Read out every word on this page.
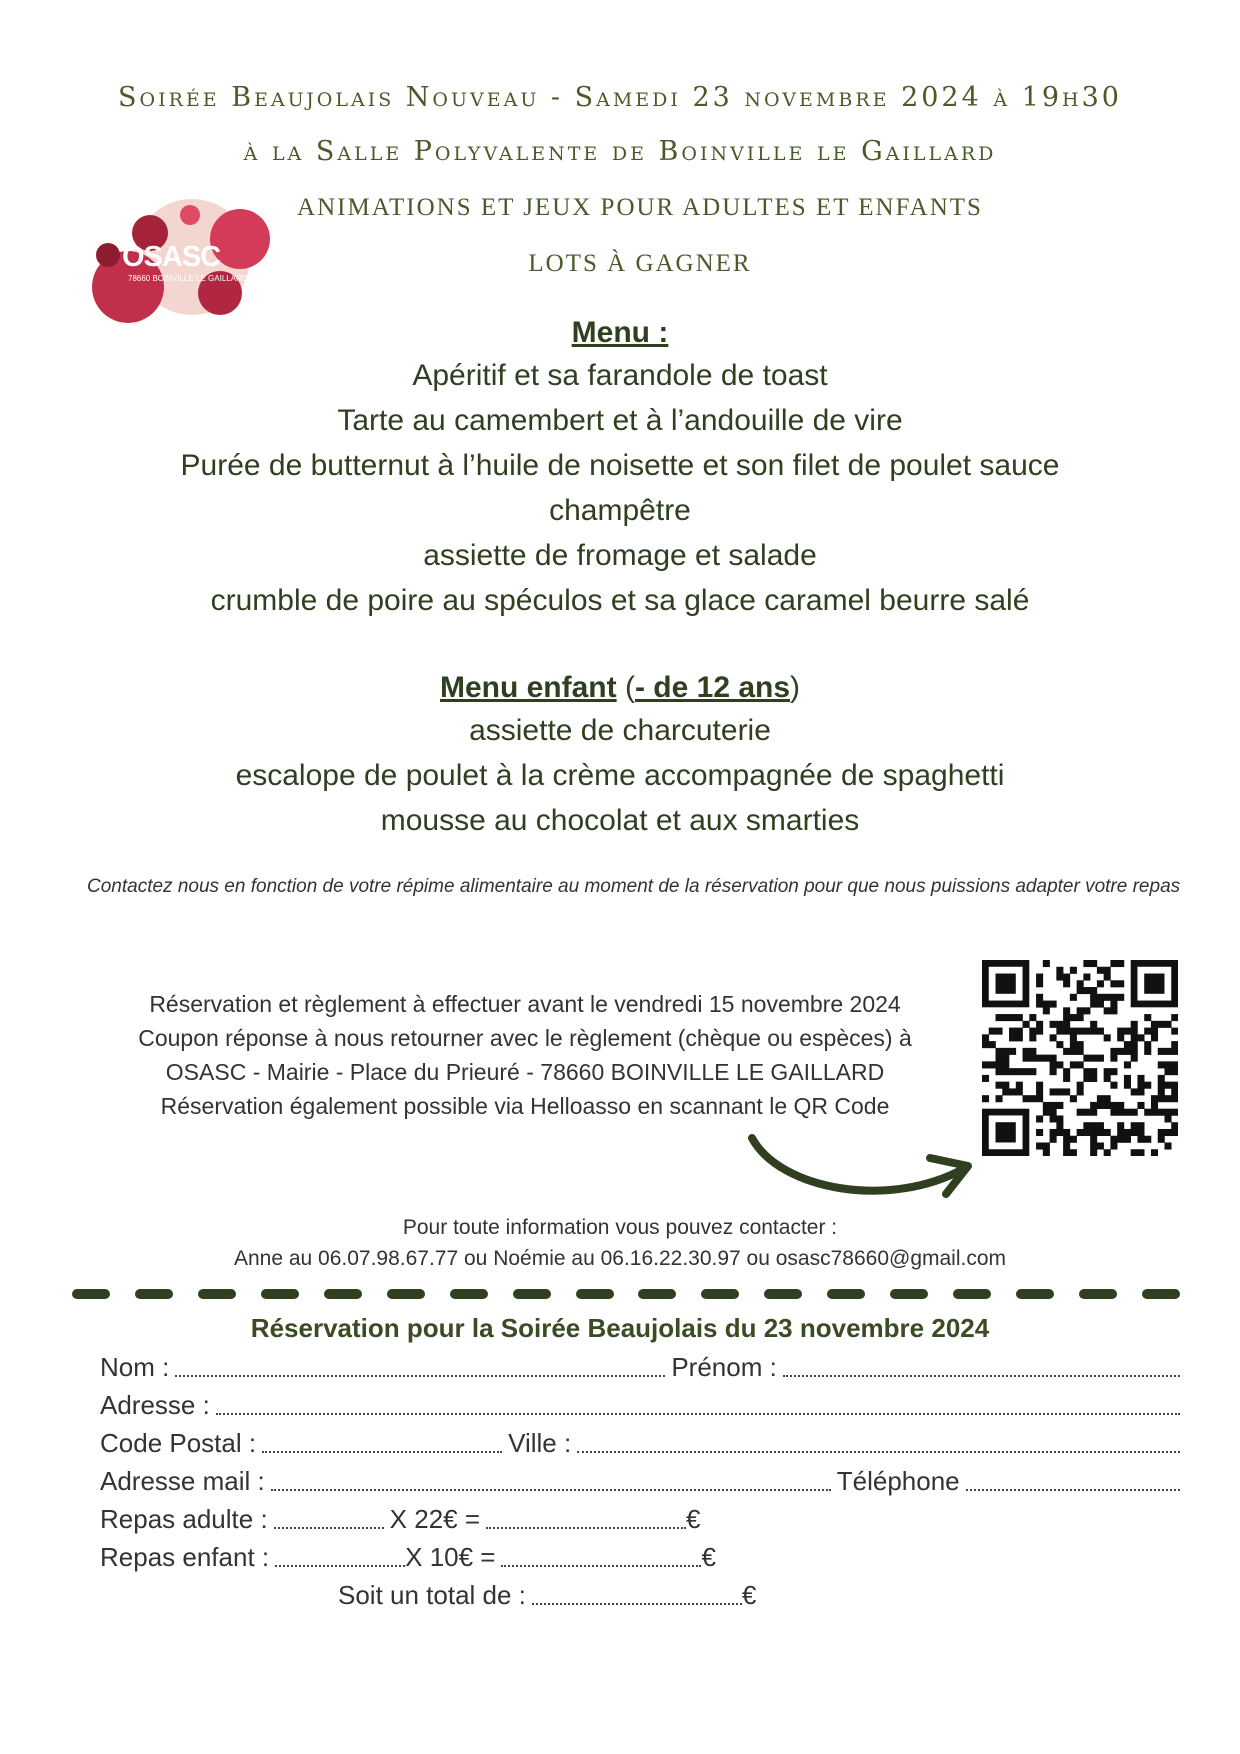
Soirée Beaujolais Nouveau - Samedi 23 novembre 2024 à 19h30
à la Salle Polyvalente de Boinville le Gaillard
ANIMATIONS ET JEUX POUR ADULTES ET ENFANTS
LOTS À GAGNER
OSASC
78660 BOINVILLE LE GAILLARD
Menu :
Apéritif et sa farandole de toast
Tarte au camembert et à l’andouille de vire
Purée de butternut à l’huile de noisette et son filet de poulet sauce
champêtre
assiette de fromage et salade
crumble de poire au spéculos et sa glace caramel beurre salé
Menu enfant (- de 12 ans)
assiette de charcuterie
escalope de poulet à la crème accompagnée de spaghetti
mousse au chocolat et aux smarties
Contactez nous en fonction de votre répime alimentaire au moment de la réservation pour que nous puissions adapter votre repas
Réservation et règlement à effectuer avant le vendredi 15 novembre 2024
Coupon réponse à nous retourner avec le règlement (chèque ou espèces) à
OSASC - Mairie - Place du Prieuré - 78660 BOINVILLE LE GAILLARD
Réservation également possible via Helloasso en scannant le QR Code
Pour toute information vous pouvez contacter :
Anne au 06.07.98.67.77 ou Noémie au 06.16.22.30.97 ou osasc78660@gmail.com
Réservation pour la Soirée Beaujolais du 23 novembre 2024
Nom :	Prénom :
Adresse :
Code Postal :	Ville :
Adresse mail :	Téléphone
Repas adulte :	X 22€ =	€
Repas enfant :	X 10€ =	€
Soit un total de :	€
